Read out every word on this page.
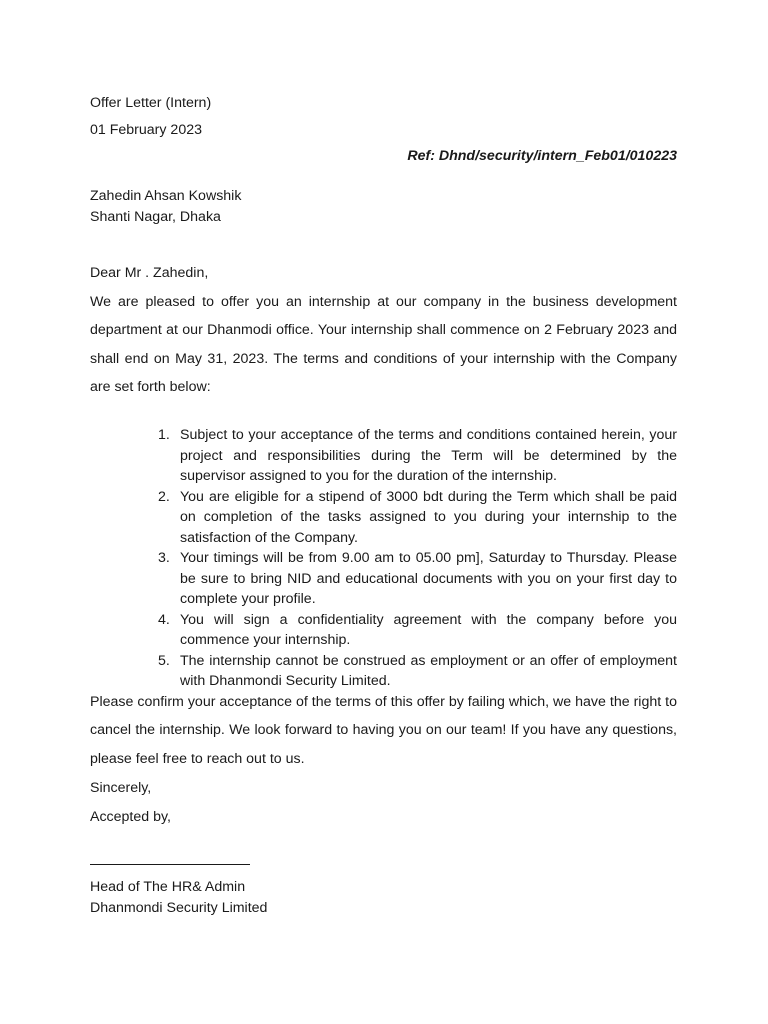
Offer Letter (Intern)

01 February 2023

Ref: Dhnd/security/intern_Feb01/010223

Zahedin Ahsan Kowshik

Shanti Nagar, Dhaka

Dear Mr . Zahedin,

We are pleased to offer you an internship at our company in the business development department at our Dhanmodi office. Your internship shall commence on 2 February 2023 and shall end on May 31, 2023. The terms and conditions of your internship with the Company are set forth below:

1. Subject to your acceptance of the terms and conditions contained herein, your project and responsibilities during the Term will be determined by the supervisor assigned to you for the duration of the internship.
2. You are eligible for a stipend of 3000 bdt during the Term which shall be paid on completion of the tasks assigned to you during your internship to the satisfaction of the Company.
3. Your timings will be from 9.00 am to 05.00 pm], Saturday to Thursday. Please be sure to bring NID and educational documents with you on your first day to complete your profile.
4. You will sign a confidentiality agreement with the company before you commence your internship.
5. The internship cannot be construed as employment or an offer of employment with Dhanmondi Security Limited.

Please confirm your acceptance of the terms of this offer by failing which, we have the right to cancel the internship. We look forward to having you on our team! If you have any questions, please feel free to reach out to us.

Sincerely,

Accepted by,

Head of The HR& Admin

Dhanmondi Security Limited
